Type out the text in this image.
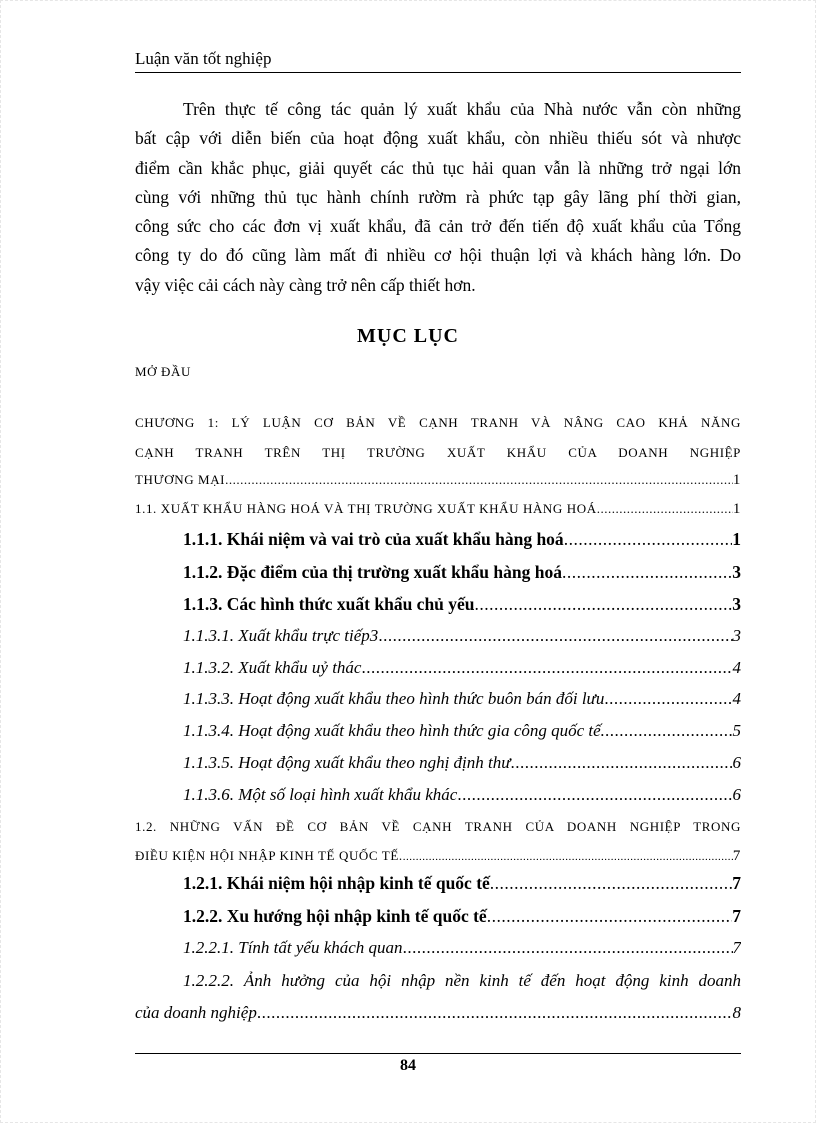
Luận văn tốt nghiệp
Trên thực tế công tác quản lý xuất khẩu của Nhà nước vẫn còn những
bất cập với diễn biến của hoạt động xuất khẩu, còn nhiều thiếu sót và nhược
điểm cần khắc phục, giải quyết các thủ tục hải quan vẫn là những trở ngại lớn
cùng với những thủ tục hành chính rườm rà phức tạp gây lãng phí thời gian,
công sức cho các đơn vị xuất khẩu, đã cản trở đến tiến độ xuất khẩu của Tổng
công ty do đó cũng làm mất đi nhiều cơ hội thuận lợi và khách hàng lớn. Do
vậy việc cải cách này càng trở nên cấp thiết hơn.
MỤC LỤC
MỞ ĐẦU
CHƯƠNG 1: LÝ LUẬN CƠ BẢN VỀ CẠNH TRANH VÀ NÂNG CAO KHẢ NĂNG
CẠNH TRANH TRÊN THỊ TRƯỜNG XUẤT KHẨU CỦA DOANH NGHIỆP
THƯƠNG MẠI .....	1
1.1. XUẤT KHẨU HÀNG HOÁ VÀ THỊ TRƯỜNG XUẤT KHẨU HÀNG HOÁ .....	1
1.1.1. Khái niệm và vai trò của xuất khẩu hàng hoá .....	1
1.1.2. Đặc điểm của thị trường xuất khẩu hàng hoá .....	3
1.1.3. Các hình thức xuất khẩu chủ yếu .....	3
1.1.3.1. Xuất khẩu trực tiếp3 .....	3
1.1.3.2. Xuất khẩu uỷ thác .....	4
1.1.3.3. Hoạt động xuất khẩu theo hình thức buôn bán đối lưu .....	4
1.1.3.4. Hoạt động xuất khẩu theo hình thức gia công quốc tế. .....	5
1.1.3.5. Hoạt động xuất khẩu theo nghị định thư .....	6
1.1.3.6. Một số loại hình xuất khẩu khác .....	6
1.2. NHỮNG VẤN ĐỀ CƠ BẢN VỀ CẠNH TRANH CỦA DOANH NGHIỆP TRONG
ĐIỀU KIỆN HỘI NHẬP KINH TẾ QUỐC TẾ. .....	7
1.2.1. Khái niệm hội nhập kinh tế quốc tế .....	7
1.2.2. Xu hướng hội nhập kinh tế quốc tế .....	7
1.2.2.1. Tính tất yếu khách quan .....	7
1.2.2.2. Ảnh hưởng của hội nhập nền kinh tế đến hoạt động kinh doanh
của doanh nghiệp .....	8
84
